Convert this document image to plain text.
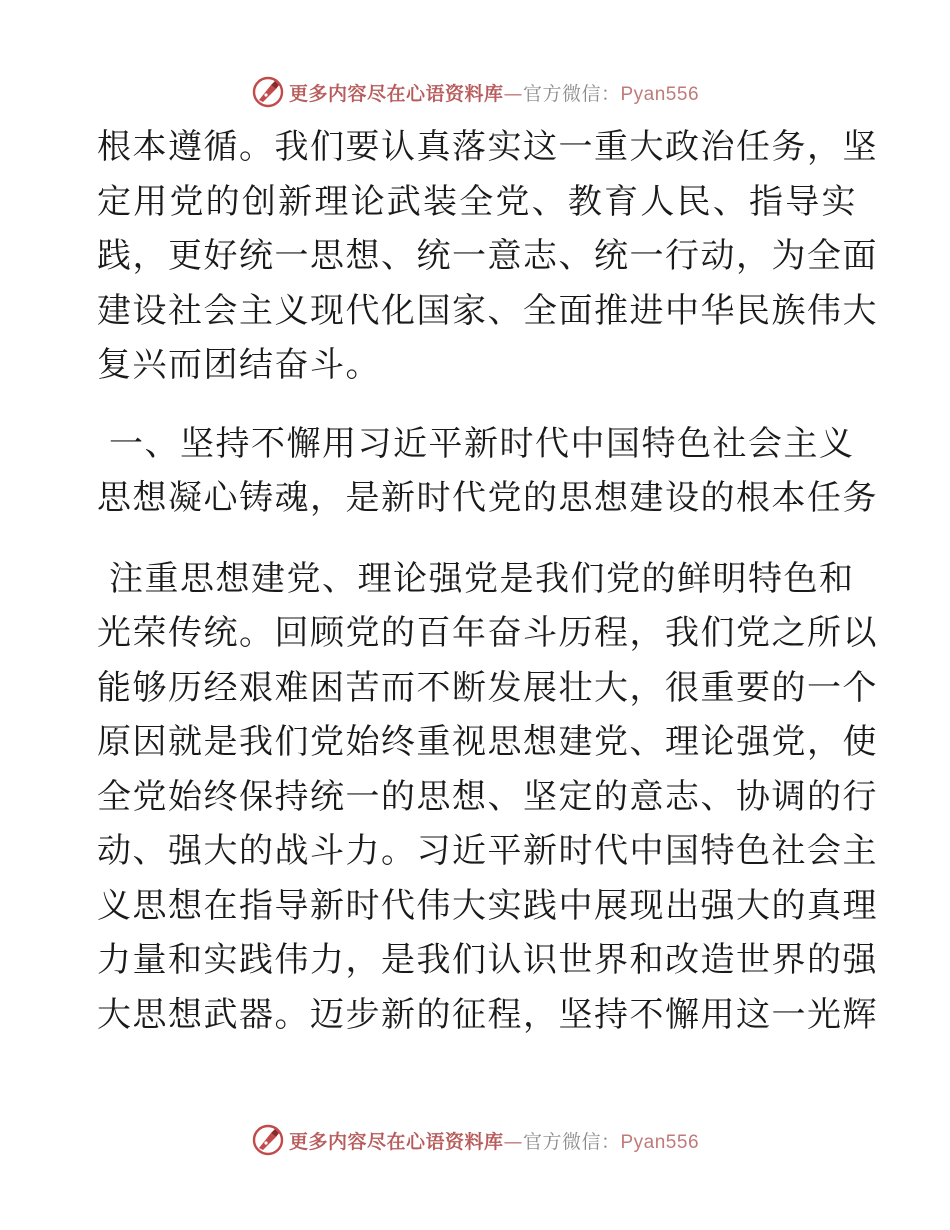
更多内容尽在心语资料库—官方微信：Pyan556

根本遵循。我们要认真落实这一重大政治任务，坚
定用党的创新理论武装全党、教育人民、指导实
践，更好统一思想、统一意志、统一行动，为全面
建设社会主义现代化国家、全面推进中华民族伟大
复兴而团结奋斗。

一、坚持不懈用习近平新时代中国特色社会主义
思想凝心铸魂，是新时代党的思想建设的根本任务

注重思想建党、理论强党是我们党的鲜明特色和
光荣传统。回顾党的百年奋斗历程，我们党之所以
能够历经艰难困苦而不断发展壮大，很重要的一个
原因就是我们党始终重视思想建党、理论强党，使
全党始终保持统一的思想、坚定的意志、协调的行
动、强大的战斗力。习近平新时代中国特色社会主
义思想在指导新时代伟大实践中展现出强大的真理
力量和实践伟力，是我们认识世界和改造世界的强
大思想武器。迈步新的征程，坚持不懈用这一光辉

更多内容尽在心语资料库—官方微信：Pyan556
